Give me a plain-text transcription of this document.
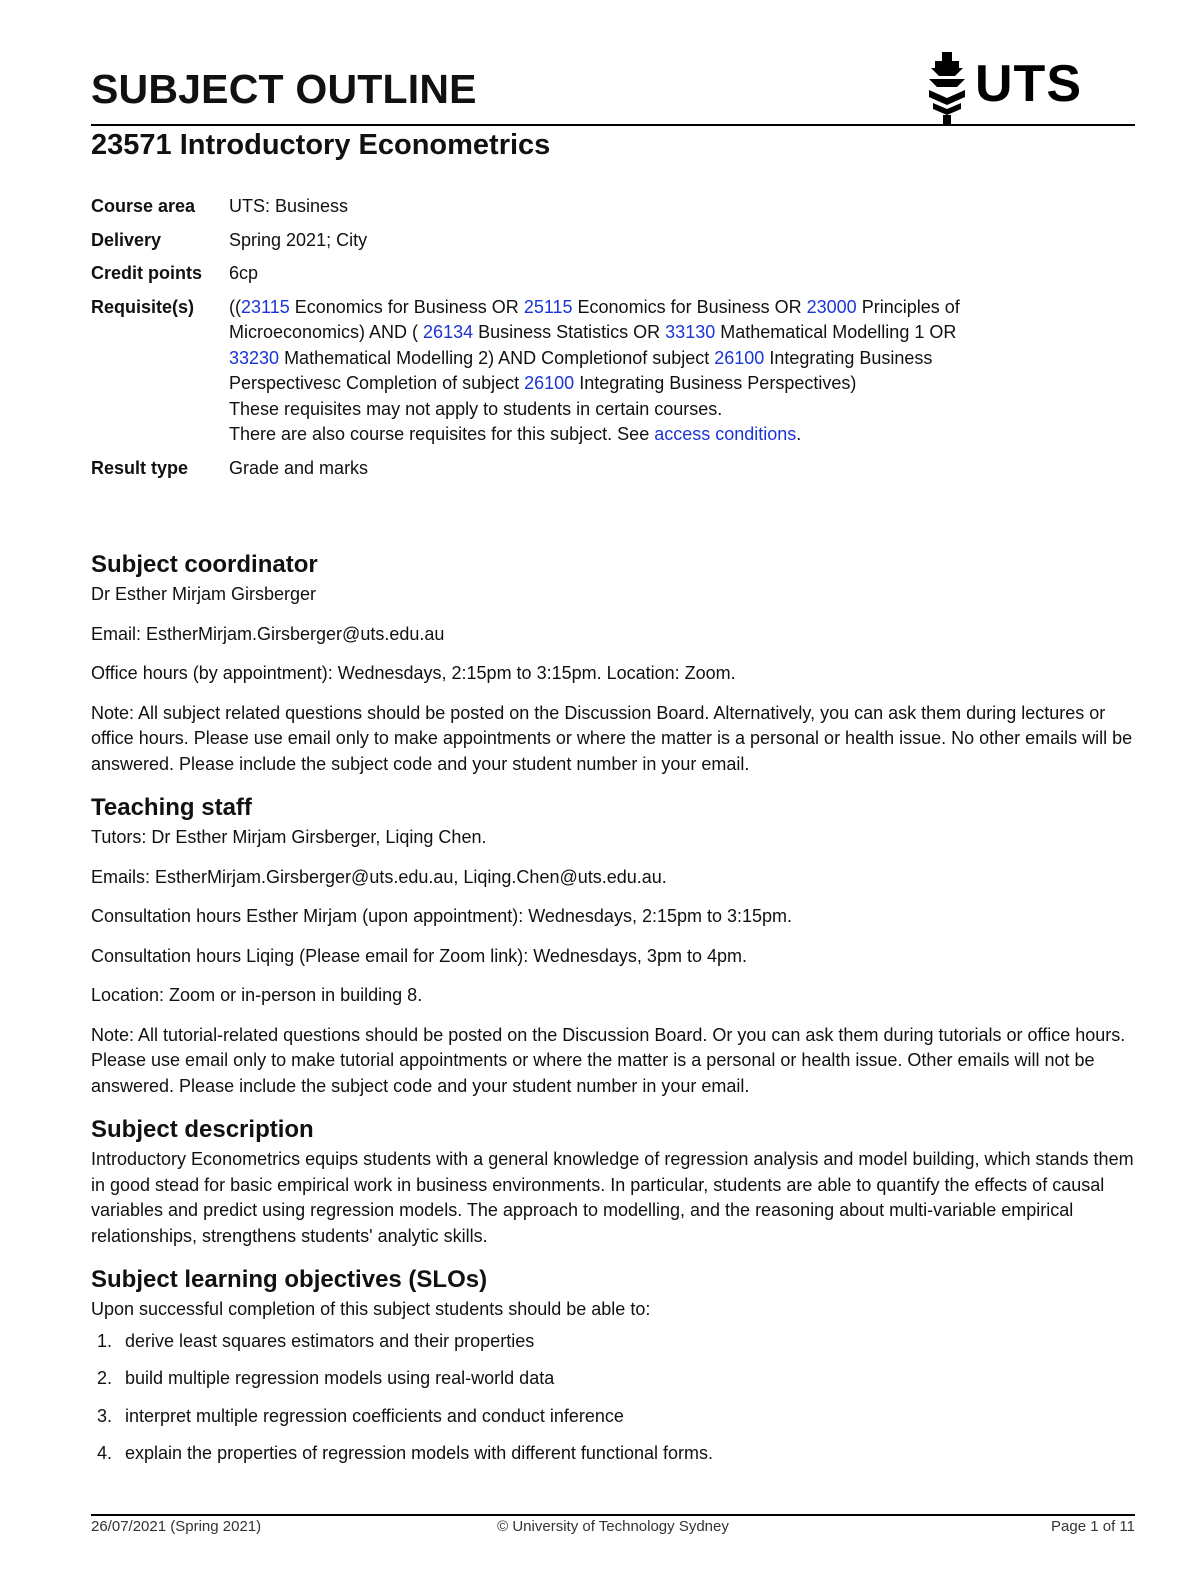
SUBJECT OUTLINE	UTS
23571 Introductory Econometrics
Course area	UTS: Business
Delivery	Spring 2021; City
Credit points	6cp
Requisite(s)	((23115 Economics for Business OR 25115 Economics for Business OR 23000 Principles of Microeconomics) AND ( 26134 Business Statistics OR 33130 Mathematical Modelling 1 OR 33230 Mathematical Modelling 2) AND Completionof subject 26100 Integrating Business Perspectivesc Completion of subject 26100 Integrating Business Perspectives)
These requisites may not apply to students in certain courses.
There are also course requisites for this subject. See access conditions.
Result type	Grade and marks
Subject coordinator

Dr Esther Mirjam Girsberger

Email: EstherMirjam.Girsberger@uts.edu.au

Office hours (by appointment): Wednesdays, 2:15pm to 3:15pm. Location: Zoom.

Note: All subject related questions should be posted on the Discussion Board. Alternatively, you can ask them during lectures or office hours. Please use email only to make appointments or where the matter is a personal or health issue. No other emails will be answered. Please include the subject code and your student number in your email.

Teaching staff

Tutors: Dr Esther Mirjam Girsberger, Liqing Chen.

Emails: EstherMirjam.Girsberger@uts.edu.au, Liqing.Chen@uts.edu.au.

Consultation hours Esther Mirjam (upon appointment): Wednesdays, 2:15pm to 3:15pm.

Consultation hours Liqing (Please email for Zoom link): Wednesdays, 3pm to 4pm.

Location: Zoom or in-person in building 8.

Note: All tutorial-related questions should be posted on the Discussion Board. Or you can ask them during tutorials or office hours. Please use email only to make tutorial appointments or where the matter is a personal or health issue. Other emails will not be answered. Please include the subject code and your student number in your email.

Subject description

Introductory Econometrics equips students with a general knowledge of regression analysis and model building, which stands them in good stead for basic empirical work in business environments. In particular, students are able to quantify the effects of causal variables and predict using regression models. The approach to modelling, and the reasoning about multi-variable empirical relationships, strengthens students' analytic skills.

Subject learning objectives (SLOs)

Upon successful completion of this subject students should be able to:

1. derive least squares estimators and their properties
2. build multiple regression models using real-world data
3. interpret multiple regression coefficients and conduct inference
4. explain the properties of regression models with different functional forms.
26/07/2021 (Spring 2021)	© University of Technology Sydney	Page 1 of 11
